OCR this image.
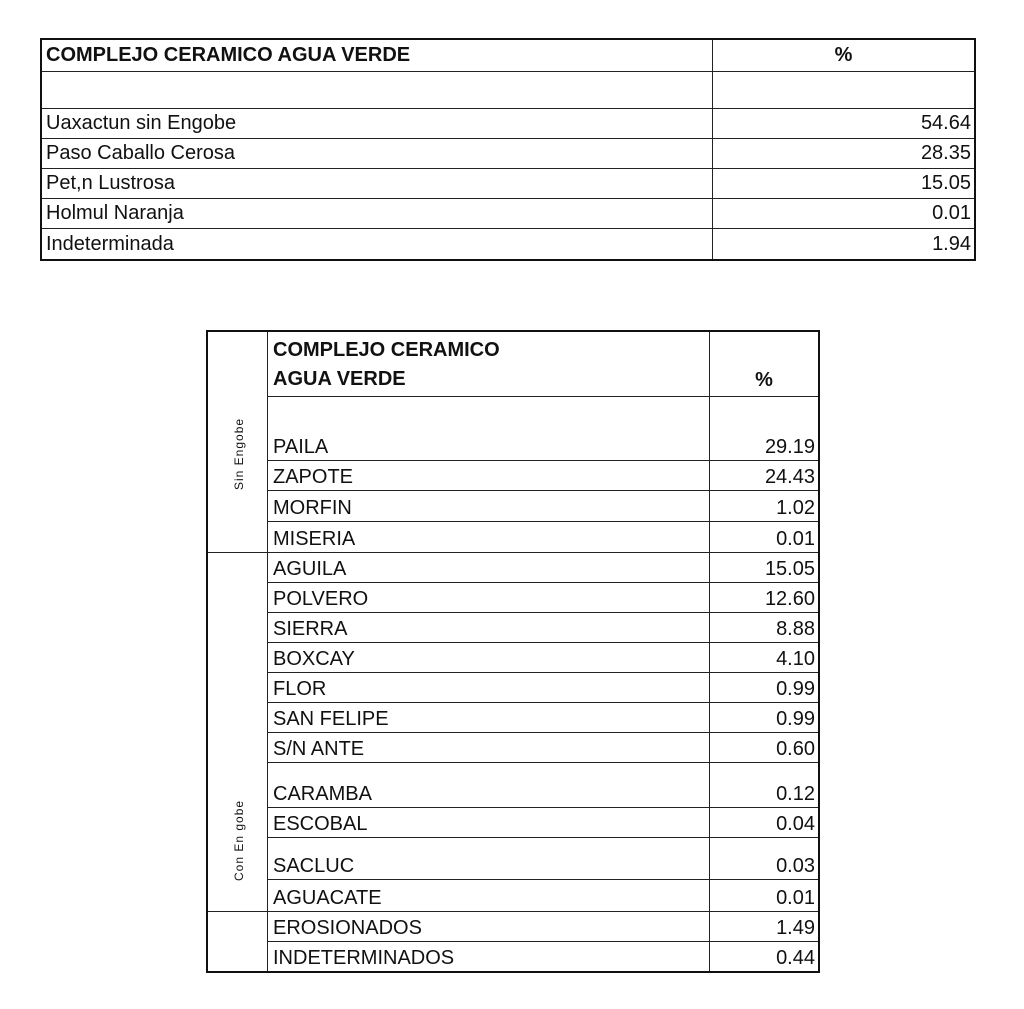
COMPLEJO CERAMICO AGUA VERDE	%
Uaxactun sin Engobe	54.64
Paso Caballo Cerosa	28.35
Pet,n Lustrosa	15.05
Holmul Naranja	0.01
Indeterminada	1.94
Sin Engobe
Con En gobe
COMPLEJO CERAMICO
AGUA VERDE	%
PAILA	29.19
ZAPOTE	24.43
MORFIN	1.02
MISERIA	0.01
AGUILA	15.05
POLVERO	12.60
SIERRA	8.88
BOXCAY	4.10
FLOR	0.99
SAN FELIPE	0.99
S/N ANTE	0.60
CARAMBA	0.12
ESCOBAL	0.04
SACLUC	0.03
AGUACATE	0.01
EROSIONADOS	1.49
INDETERMINADOS	0.44
